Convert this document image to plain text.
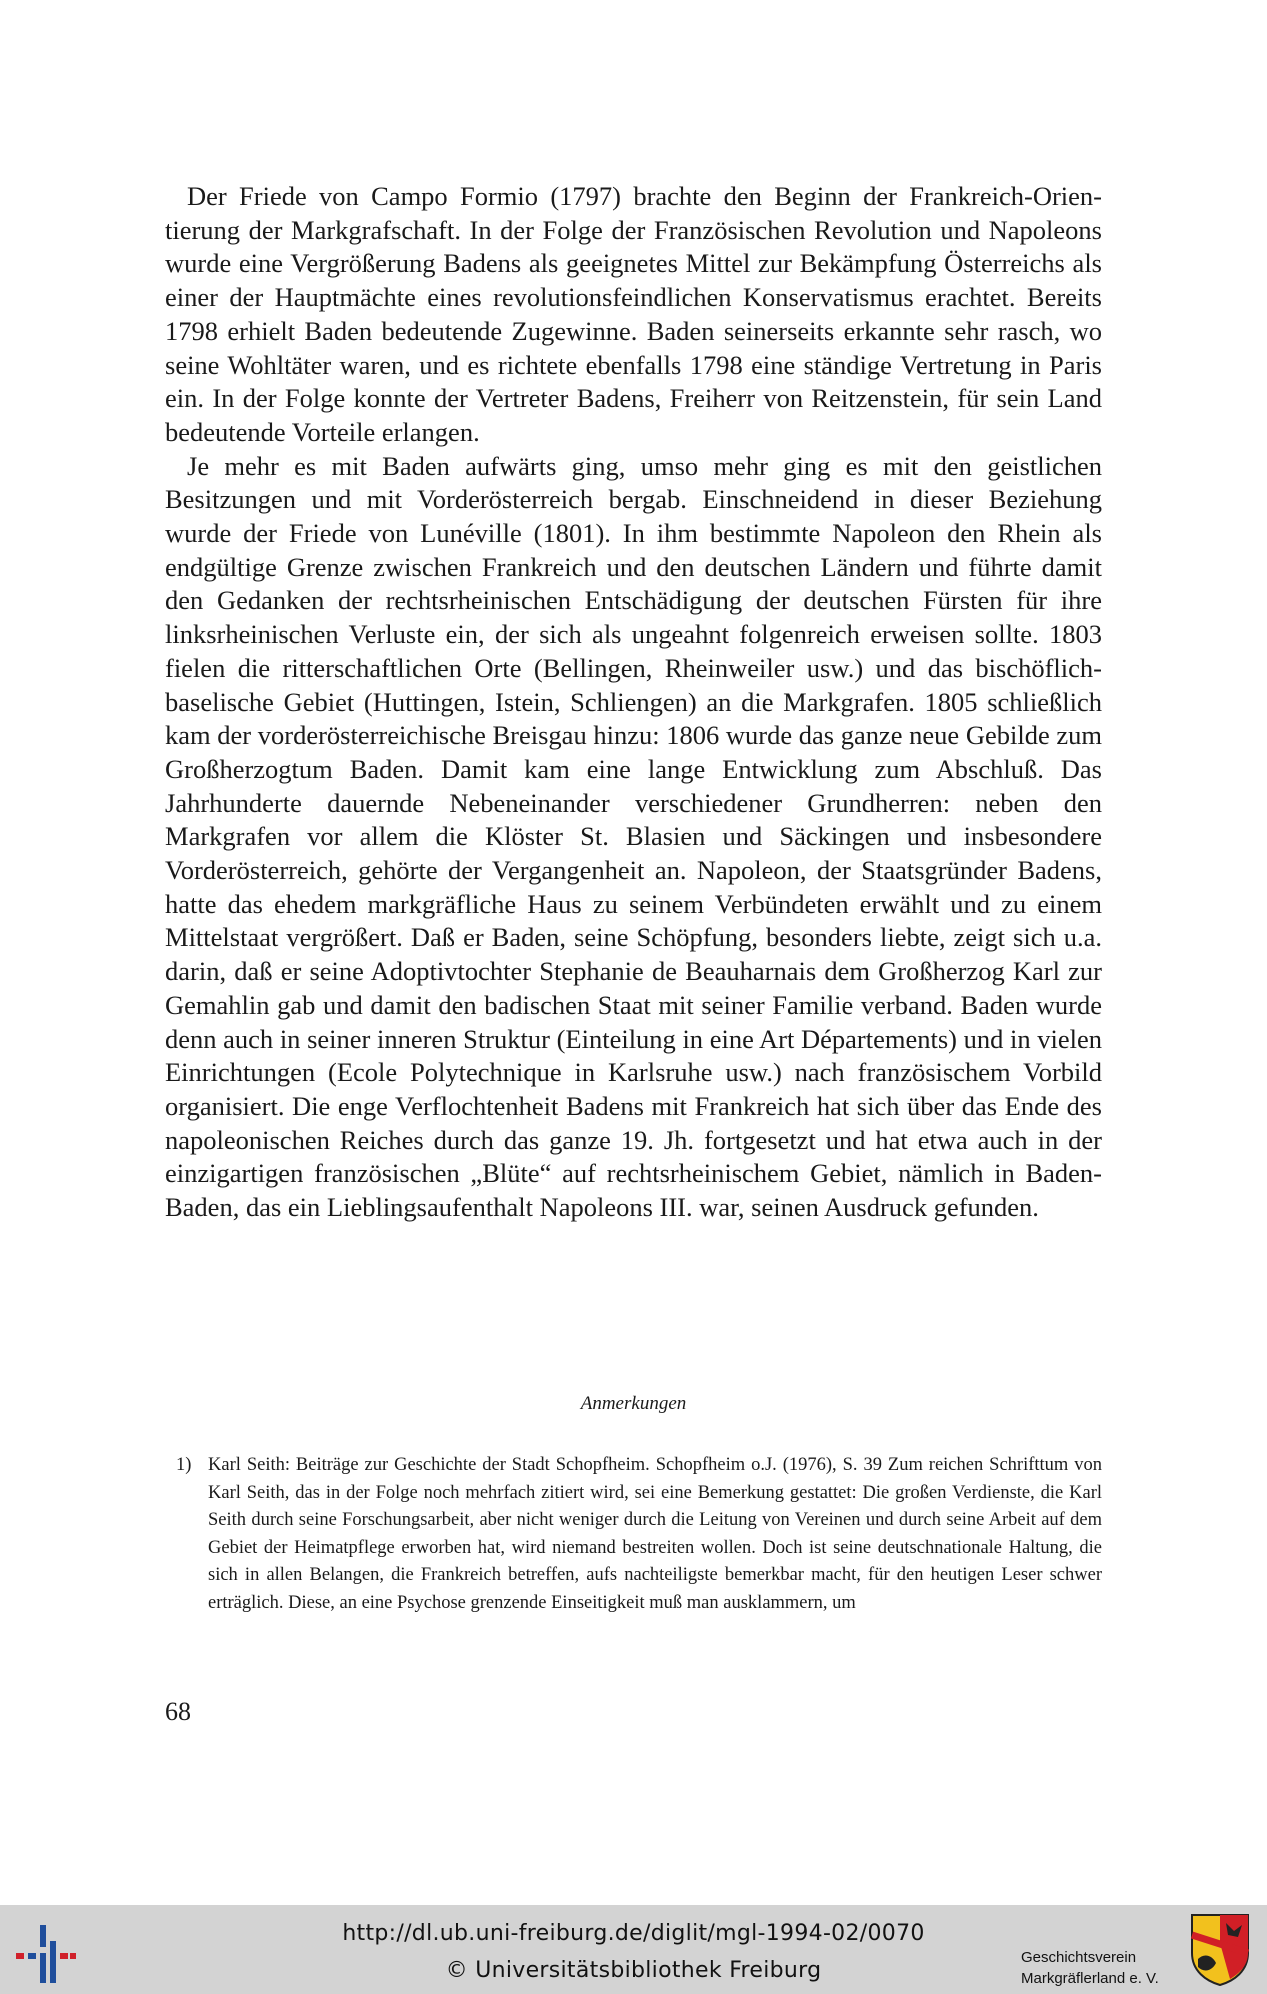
Der Friede von Campo Formio (1797) brachte den Beginn der Frankreich-Orientierung der Markgrafschaft. In der Folge der Französischen Revolution und Napoleons wurde eine Vergrößerung Badens als geeignetes Mittel zur Bekämpfung Österreichs als einer der Hauptmächte eines revolutionsfeindlichen Konservatismus erachtet. Bereits 1798 erhielt Baden bedeutende Zugewinne. Baden seinerseits erkannte sehr rasch, wo seine Wohltäter waren, und es richtete ebenfalls 1798 eine ständige Vertretung in Paris ein. In der Folge konnte der Vertreter Badens, Freiherr von Reitzenstein, für sein Land bedeutende Vorteile erlangen.

Je mehr es mit Baden aufwärts ging, umso mehr ging es mit den geistlichen Besitzungen und mit Vorderösterreich bergab. Einschneidend in dieser Beziehung wurde der Friede von Lunéville (1801). In ihm bestimmte Napoleon den Rhein als endgültige Grenze zwischen Frankreich und den deutschen Ländern und führte damit den Gedanken der rechtsrheinischen Entschädigung der deutschen Fürsten für ihre linksrheinischen Verluste ein, der sich als ungeahnt folgenreich erweisen sollte. 1803 fielen die ritterschaftlichen Orte (Bellingen, Rheinweiler usw.) und das bischöflich-baselische Gebiet (Huttingen, Istein, Schliengen) an die Markgrafen. 1805 schließlich kam der vorderösterreichische Breisgau hinzu: 1806 wurde das ganze neue Gebilde zum Großherzogtum Baden. Damit kam eine lange Entwicklung zum Abschluß. Das Jahrhunderte dauernde Nebeneinander verschiedener Grundherren: neben den Markgrafen vor allem die Klöster St. Blasien und Säckingen und insbesondere Vorderösterreich, gehörte der Vergangenheit an. Napoleon, der Staatsgründer Badens, hatte das ehedem markgräfliche Haus zu seinem Verbündeten erwählt und zu einem Mittelstaat vergrößert. Daß er Baden, seine Schöpfung, besonders liebte, zeigt sich u.a. darin, daß er seine Adoptivtochter Stephanie de Beauharnais dem Großherzog Karl zur Gemahlin gab und damit den badischen Staat mit seiner Familie verband. Baden wurde denn auch in seiner inneren Struktur (Einteilung in eine Art Départements) und in vielen Einrichtungen (Ecole Polytechnique in Karlsruhe usw.) nach französischem Vorbild organisiert. Die enge Verflochtenheit Badens mit Frankreich hat sich über das Ende des napoleonischen Reiches durch das ganze 19. Jh. fortgesetzt und hat etwa auch in der einzigartigen französischen „Blüte“ auf rechtsrheinischem Gebiet, nämlich in Baden-Baden, das ein Lieblingsaufenthalt Napoleons III. war, seinen Ausdruck gefunden.

Anmerkungen
1) Karl Seith: Beiträge zur Geschichte der Stadt Schopfheim. Schopfheim o.J. (1976), S. 39 Zum reichen Schrifttum von Karl Seith, das in der Folge noch mehrfach zitiert wird, sei eine Bemerkung gestattet: Die großen Verdienste, die Karl Seith durch seine Forschungsarbeit, aber nicht weniger durch die Leitung von Vereinen und durch seine Arbeit auf dem Gebiet der Heimatpflege erworben hat, wird niemand bestreiten wollen. Doch ist seine deutschnationale Haltung, die sich in allen Belangen, die Frankreich betreffen, aufs nachteiligste bemerkbar macht, für den heutigen Leser schwer erträglich. Diese, an eine Psychose grenzende Einseitigkeit muß man ausklammern, um
68
http://dl.ub.uni-freiburg.de/diglit/mgl-1994-02/0070
© Universitätsbibliothek Freiburg
Geschichtsverein
Markgräflerland e. V.
